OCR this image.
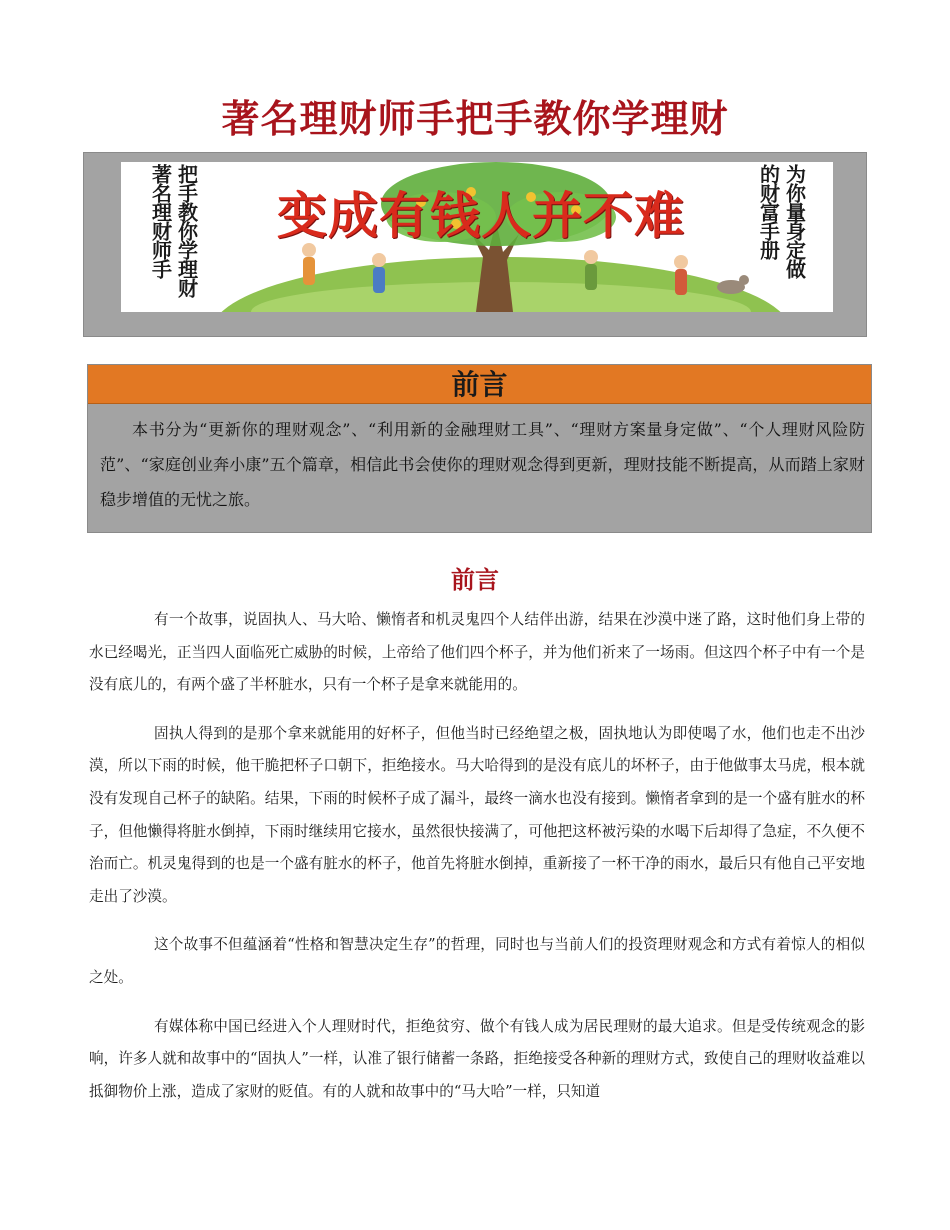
著名理财师手把手教你学理财
把手教你学理财
著名理财师手	变成有钱人并不难	为你量身定做
的财富手册
前言
本书分为“更新你的理财观念”、“利用新的金融理财工具”、“理财方案量身定做”、“个人理财风险防范”、“家庭创业奔小康”五个篇章，相信此书会使你的理财观念得到更新，理财技能不断提高，从而踏上家财稳步增值的无忧之旅。
前言

有一个故事，说固执人、马大哈、懒惰者和机灵鬼四个人结伴出游，结果在沙漠中迷了路，这时他们身上带的水已经喝光，正当四人面临死亡威胁的时候，上帝给了他们四个杯子，并为他们祈来了一场雨。但这四个杯子中有一个是没有底儿的，有两个盛了半杯脏水，只有一个杯子是拿来就能用的。

固执人得到的是那个拿来就能用的好杯子，但他当时已经绝望之极，固执地认为即使喝了水，他们也走不出沙漠，所以下雨的时候，他干脆把杯子口朝下，拒绝接水。马大哈得到的是没有底儿的坏杯子，由于他做事太马虎，根本就没有发现自己杯子的缺陷。结果，下雨的时候杯子成了漏斗，最终一滴水也没有接到。懒惰者拿到的是一个盛有脏水的杯子，但他懒得将脏水倒掉，下雨时继续用它接水，虽然很快接满了，可他把这杯被污染的水喝下后却得了急症，不久便不治而亡。机灵鬼得到的也是一个盛有脏水的杯子，他首先将脏水倒掉，重新接了一杯干净的雨水，最后只有他自己平安地走出了沙漠。

这个故事不但蕴涵着“性格和智慧决定生存”的哲理，同时也与当前人们的投资理财观念和方式有着惊人的相似之处。

有媒体称中国已经进入个人理财时代，拒绝贫穷、做个有钱人成为居民理财的最大追求。但是受传统观念的影响，许多人就和故事中的“固执人”一样，认准了银行储蓄一条路，拒绝接受各种新的理财方式，致使自己的理财收益难以抵御物价上涨，造成了家财的贬值。有的人就和故事中的“马大哈”一样，只知道
